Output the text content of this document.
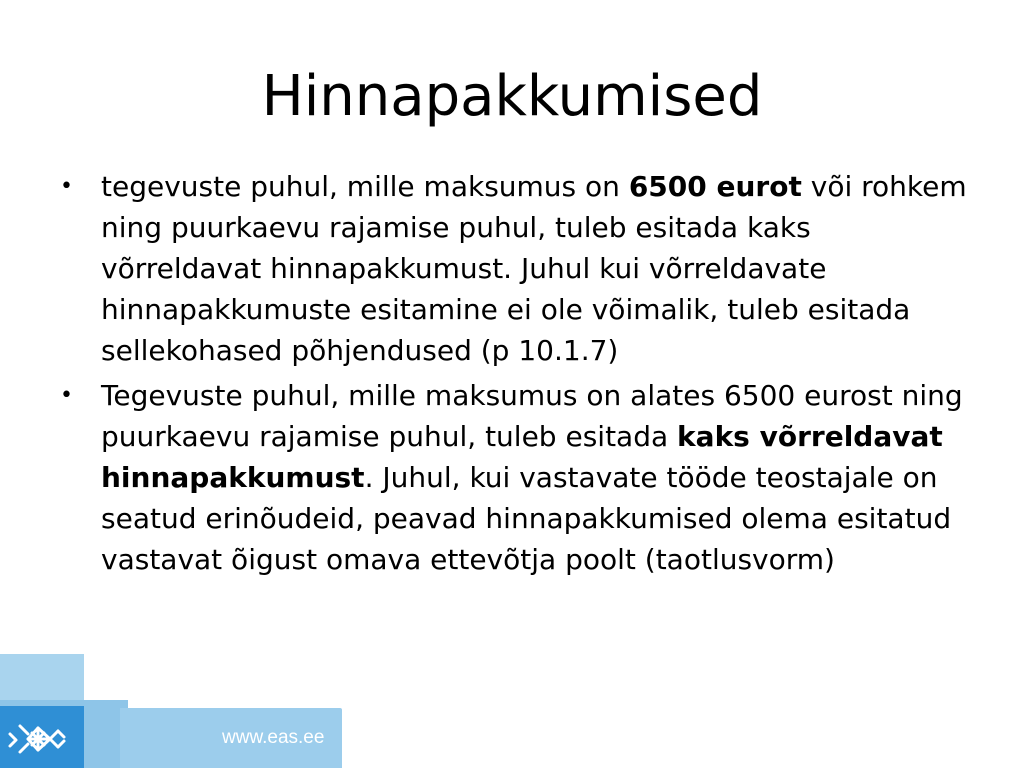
Hinnapakkumised
• tegevuste puhul, mille maksumus on 6500 eurot või rohkem ning puurkaevu rajamise puhul, tuleb esitada kaks võrreldavat hinnapakkumust. Juhul kui võrreldavate hinnapakkumuste esitamine ei ole võimalik, tuleb esitada sellekohased põhjendused (p 10.1.7)
• Tegevuste puhul, mille maksumus on alates 6500 eurost ning puurkaevu rajamise puhul, tuleb esitada kaks võrreldavat hinnapakkumust. Juhul, kui vastavate tööde teostajale on seatud erinõudeid, peavad hinnapakkumised olema esitatud vastavat õigust omava ettevõtja poolt (taotlusvorm)
www.eas.ee
